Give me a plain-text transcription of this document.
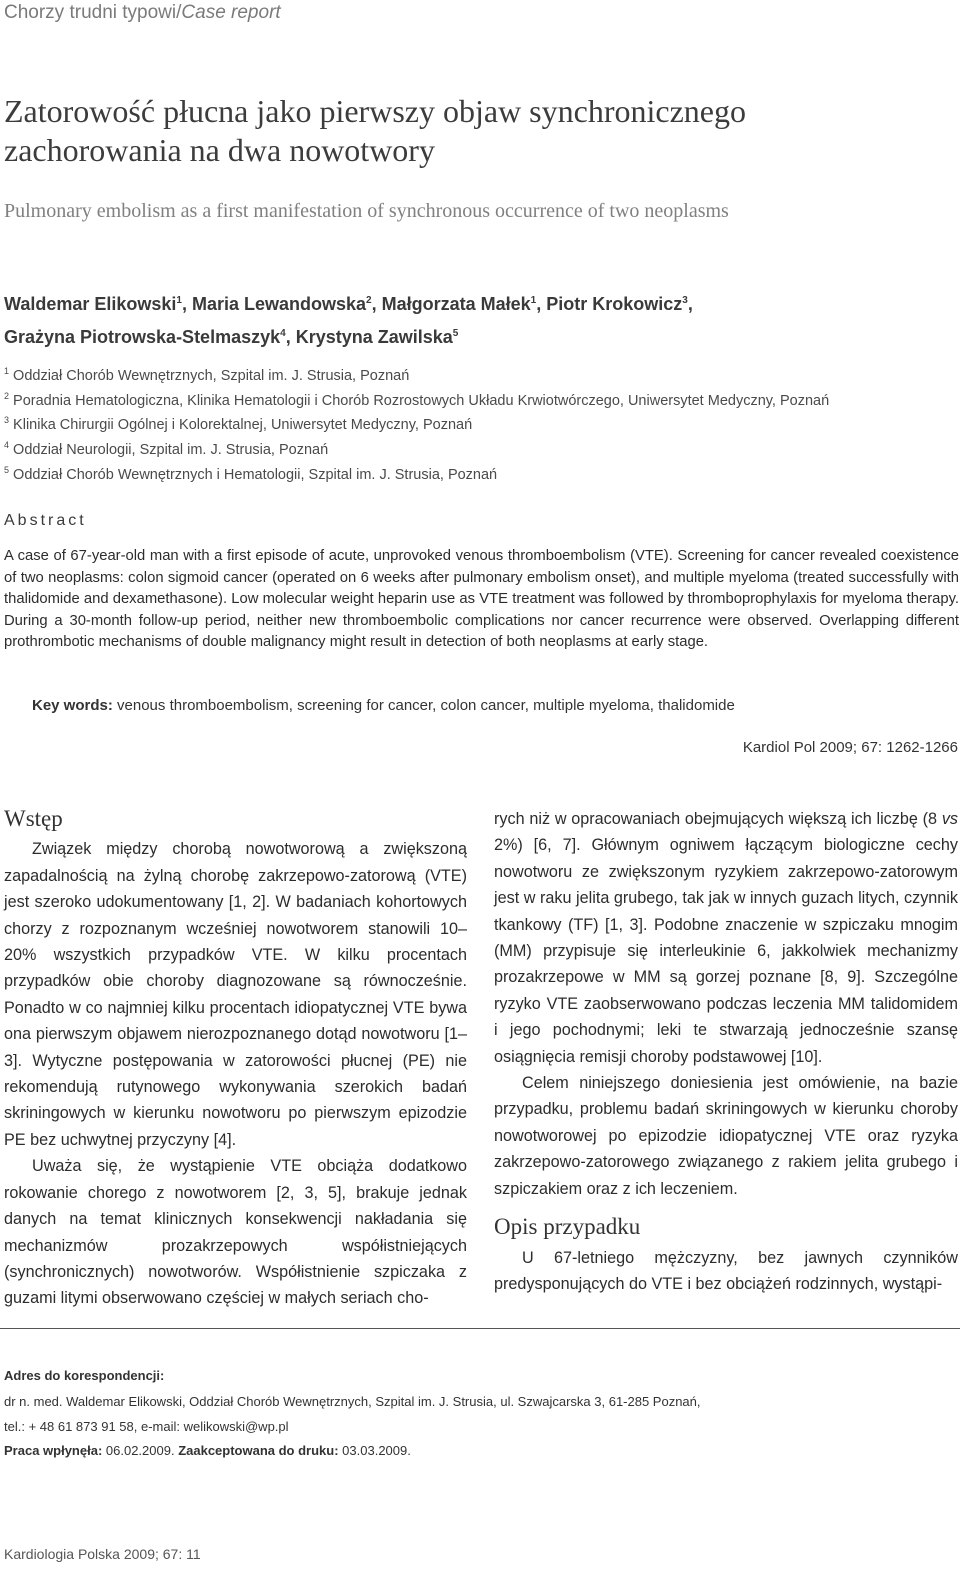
Chorzy trudni typowi/Case report
Zatorowość płucna jako pierwszy objaw synchronicznego
zachorowania na dwa nowotwory
Pulmonary embolism as a first manifestation of synchronous occurrence of two neoplasms
Waldemar Elikowski$^1$, Maria Lewandowska$^2$, Małgorzata Małek$^1$, Piotr Krokowicz$^3$,
Grażyna Piotrowska-Stelmaszyk$^4$, Krystyna Zawilska$^5$
$^1$ Oddział Chorób Wewnętrznych, Szpital im. J. Strusia, Poznań
$^2$ Poradnia Hematologiczna, Klinika Hematologii i Chorób Rozrostowych Układu Krwiotwórczego, Uniwersytet Medyczny, Poznań
$^3$ Klinika Chirurgii Ogólnej i Kolorektalnej, Uniwersytet Medyczny, Poznań
$^4$ Oddział Neurologii, Szpital im. J. Strusia, Poznań
$^5$ Oddział Chorób Wewnętrznych i Hematologii, Szpital im. J. Strusia, Poznań
Abstract
A case of 67-year-old man with a first episode of acute, unprovoked venous thromboembolism (VTE). Screening for cancer revealed coexistence of two neoplasms: colon sigmoid cancer (operated on 6 weeks after pulmonary embolism onset), and multiple myeloma (treated successfully with thalidomide and dexamethasone). Low molecular weight heparin use as VTE treatment was followed by thromboprophylaxis for myeloma therapy. During a 30-month follow-up period, neither new thromboembolic complications nor cancer recurrence were observed. Overlapping different prothrombotic mechanisms of double malignancy might result in detection of both neoplasms at early stage.
Key words: venous thromboembolism, screening for cancer, colon cancer, multiple myeloma, thalidomide
Kardiol Pol 2009; 67: 1262-1266
Wstęp

Związek między chorobą nowotworową a zwiększoną zapadalnością na żylną chorobę zakrzepowo-zatorową (VTE) jest szeroko udokumentowany [1, 2]. W badaniach kohortowych chorzy z rozpoznanym wcześniej nowotworem stanowili 10–20% wszystkich przypadków VTE. W kilku procentach przypadków obie choroby diagnozowane są równocześnie. Ponadto w co najmniej kilku procentach idiopatycznej VTE bywa ona pierwszym objawem nierozpoznanego dotąd nowotworu [1–3]. Wytyczne postępowania w zatorowości płucnej (PE) nie rekomendują rutynowego wykonywania szerokich badań skriningowych w kierunku nowotworu po pierwszym epizodzie PE bez uchwytnej przyczyny [4].

Uważa się, że wystąpienie VTE obciąża dodatkowo rokowanie chorego z nowotworem [2, 3, 5], brakuje jednak danych na temat klinicznych konsekwencji nakładania się mechanizmów prozakrzepowych współistniejących (synchronicznych) nowotworów. Współistnienie szpiczaka z guzami litymi obserwowano częściej w małych seriach cho-

rych niż w opracowaniach obejmujących większą ich liczbę (8 vs 2%) [6, 7]. Głównym ogniwem łączącym biologiczne cechy nowotworu ze zwiększonym ryzykiem zakrzepowo-zatorowym jest w raku jelita grubego, tak jak w innych guzach litych, czynnik tkankowy (TF) [1, 3]. Podobne znaczenie w szpiczaku mnogim (MM) przypisuje się interleukinie 6, jakkolwiek mechanizmy prozakrzepowe w MM są gorzej poznane [8, 9]. Szczególne ryzyko VTE zaobserwowano podczas leczenia MM talidomidem i jego pochodnymi; leki te stwarzają jednocześnie szansę osiągnięcia remisji choroby podstawowej [10].

Celem niniejszego doniesienia jest omówienie, na bazie przypadku, problemu badań skriningowych w kierunku choroby nowotworowej po epizodzie idiopatycznej VTE oraz ryzyka zakrzepowo-zatorowego związanego z rakiem jelita grubego i szpiczakiem oraz z ich leczeniem.

Opis przypadku

U 67-letniego mężczyzny, bez jawnych czynników predysponujących do VTE i bez obciążeń rodzinnych, wystąpi-

Adres do korespondencji:
dr n. med. Waldemar Elikowski, Oddział Chorób Wewnętrznych, Szpital im. J. Strusia, ul. Szwajcarska 3, 61-285 Poznań,
tel.: + 48 61 873 91 58, e-mail: welikowski@wp.pl
Praca wpłynęła: 06.02.2009. Zaakceptowana do druku: 03.03.2009.
Kardiologia Polska 2009; 67: 11
